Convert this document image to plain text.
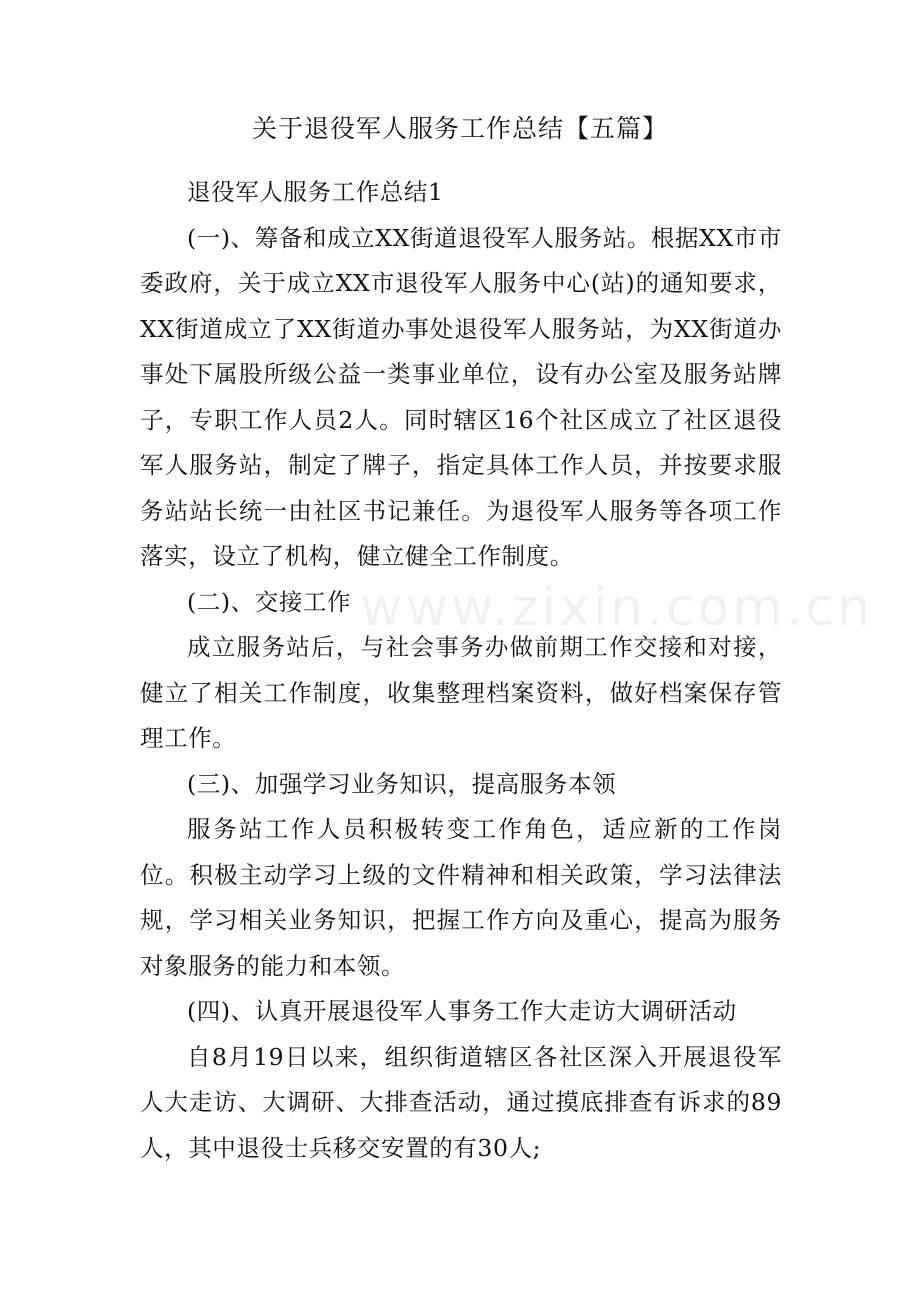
www.zixin.com.cn
关于退役军人服务工作总结【五篇】

退役军人服务工作总结1

(一)、筹备和成立XX街道退役军人服务站。根据XX市市委政府，关于成立XX市退役军人服务中心(站)的通知要求，XX街道成立了XX街道办事处退役军人服务站，为XX街道办事处下属股所级公益一类事业单位，设有办公室及服务站牌子，专职工作人员2人。同时辖区16个社区成立了社区退役军人服务站，制定了牌子，指定具体工作人员，并按要求服务站站长统一由社区书记兼任。为退役军人服务等各项工作落实，设立了机构，健立健全工作制度。

(二)、交接工作

成立服务站后，与社会事务办做前期工作交接和对接，健立了相关工作制度，收集整理档案资料，做好档案保存管理工作。

(三)、加强学习业务知识，提高服务本领

服务站工作人员积极转变工作角色，适应新的工作岗位。积极主动学习上级的文件精神和相关政策，学习法律法规，学习相关业务知识，把握工作方向及重心，提高为服务对象服务的能力和本领。

(四)、认真开展退役军人事务工作大走访大调研活动

自8月19日以来，组织街道辖区各社区深入开展退役军人大走访、大调研、大排查活动，通过摸底排查有诉求的89人，其中退役士兵移交安置的有30人;
